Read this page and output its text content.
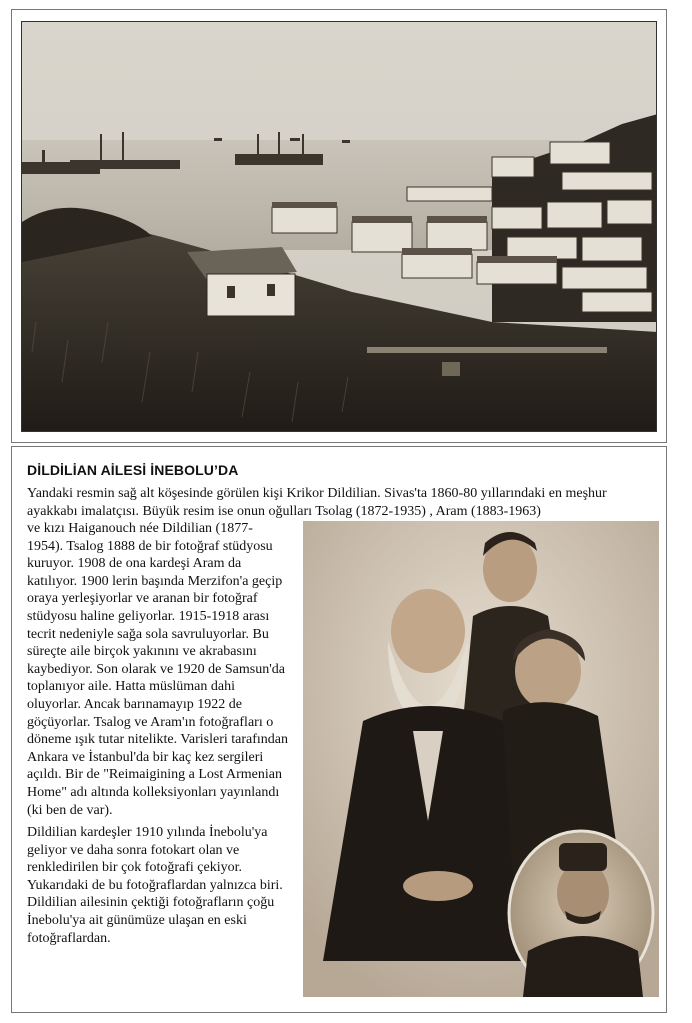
DİLDİLİAN AİLESİ İNEBOLU’DA
Yandaki resmin sağ alt köşesinde görülen kişi Krikor Dildilian. Sivas'ta 1860-80 yıllarındaki en meşhur ayakkabı imalatçısı. Büyük resim ise onun oğulları Tsolag (1872-1935) , Aram (1883-1963)

ve kızı Haiganouch née Dildilian (1877-1954). Tsalog 1888 de bir fotoğraf stüdyosu kuruyor. 1908 de ona kardeşi Aram da katılıyor. 1900 lerin başında Merzifon'a geçip oraya yerleşiyorlar ve aranan bir fotoğraf stüdyosu haline geliyorlar. 1915-1918 arası tecrit nedeniyle sağa sola savruluyorlar. Bu süreçte aile birçok yakınını ve akrabasını kaybediyor. Son olarak ve 1920 de Samsun'da toplanıyor aile. Hatta müslüman dahi oluyorlar. Ancak barınamayıp 1922 de göçüyorlar. Tsalog ve Aram'ın fotoğrafları o döneme ışık tutar nitelikte. Varisleri tarafından Ankara ve İstanbul'da bir kaç kez sergileri açıldı. Bir de "Reimaigining a Lost Armenian Home" adı altında kolleksiyonları yayınlandı (ki ben de var).

Dildilian kardeşler 1910 yılında İnebolu'ya geliyor ve daha sonra fotokart olan ve renkledirilen bir çok fotoğrafi çekiyor. Yukarıdaki de bu fotoğraflardan yalnızca biri. Dildilian ailesinin çektiği fotoğrafların çoğu İnebolu'ya ait günümüze ulaşan en eski fotoğraflardan.
